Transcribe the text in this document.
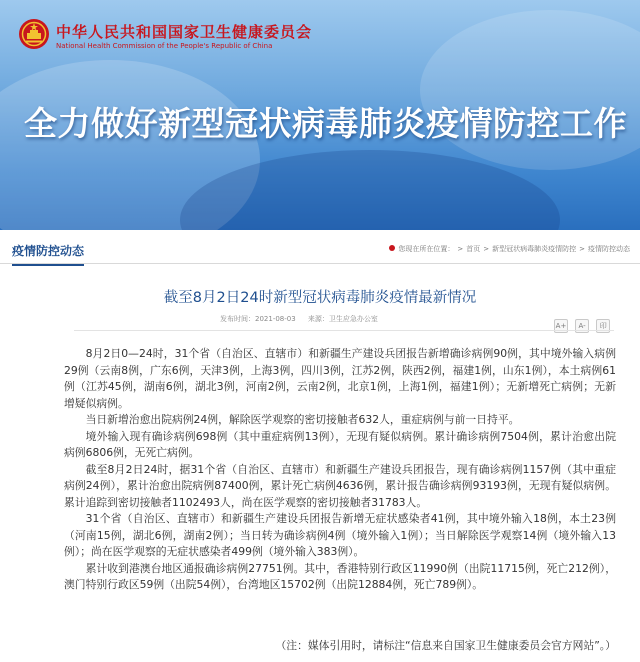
中华人民共和国国家卫生健康委员会
National Health Commission of the People's Republic of China
全力做好新型冠状病毒肺炎疫情防控工作
疫情防控动态	您现在所在位置： > 首页 > 新型冠状病毒肺炎疫情防控 > 疫情防控动态
截至8月2日24时新型冠状病毒肺炎疫情最新情况
发布时间：2021-08-03 来源：卫生应急办公室
A+ A- 印

8月2日0—24时，31个省（自治区、直辖市）和新疆生产建设兵团报告新增确诊病例90例，其中境外输入病例29例（云南8例，广东6例，天津3例，上海3例，四川3例，江苏2例，陕西2例，福建1例，山东1例），本土病例61例（江苏45例，湖南6例，湖北3例，河南2例，云南2例，北京1例，上海1例，福建1例）；无新增死亡病例；无新增疑似病例。

当日新增治愈出院病例24例，解除医学观察的密切接触者632人，重症病例与前一日持平。

境外输入现有确诊病例698例（其中重症病例13例），无现有疑似病例。累计确诊病例7504例，累计治愈出院病例6806例，无死亡病例。

截至8月2日24时，据31个省（自治区、直辖市）和新疆生产建设兵团报告，现有确诊病例1157例（其中重症病例24例），累计治愈出院病例87400例，累计死亡病例4636例，累计报告确诊病例93193例，无现有疑似病例。累计追踪到密切接触者1102493人，尚在医学观察的密切接触者31783人。

31个省（自治区、直辖市）和新疆生产建设兵团报告新增无症状感染者41例，其中境外输入18例，本土23例（河南15例，湖北6例，湖南2例）；当日转为确诊病例4例（境外输入1例）；当日解除医学观察14例（境外输入13例）；尚在医学观察的无症状感染者499例（境外输入383例）。

累计收到港澳台地区通报确诊病例27751例。其中，香港特别行政区11990例（出院11715例，死亡212例），澳门特别行政区59例（出院54例），台湾地区15702例（出院12884例，死亡789例）。

（注：媒体引用时，请标注“信息来自国家卫生健康委员会官方网站”。）
